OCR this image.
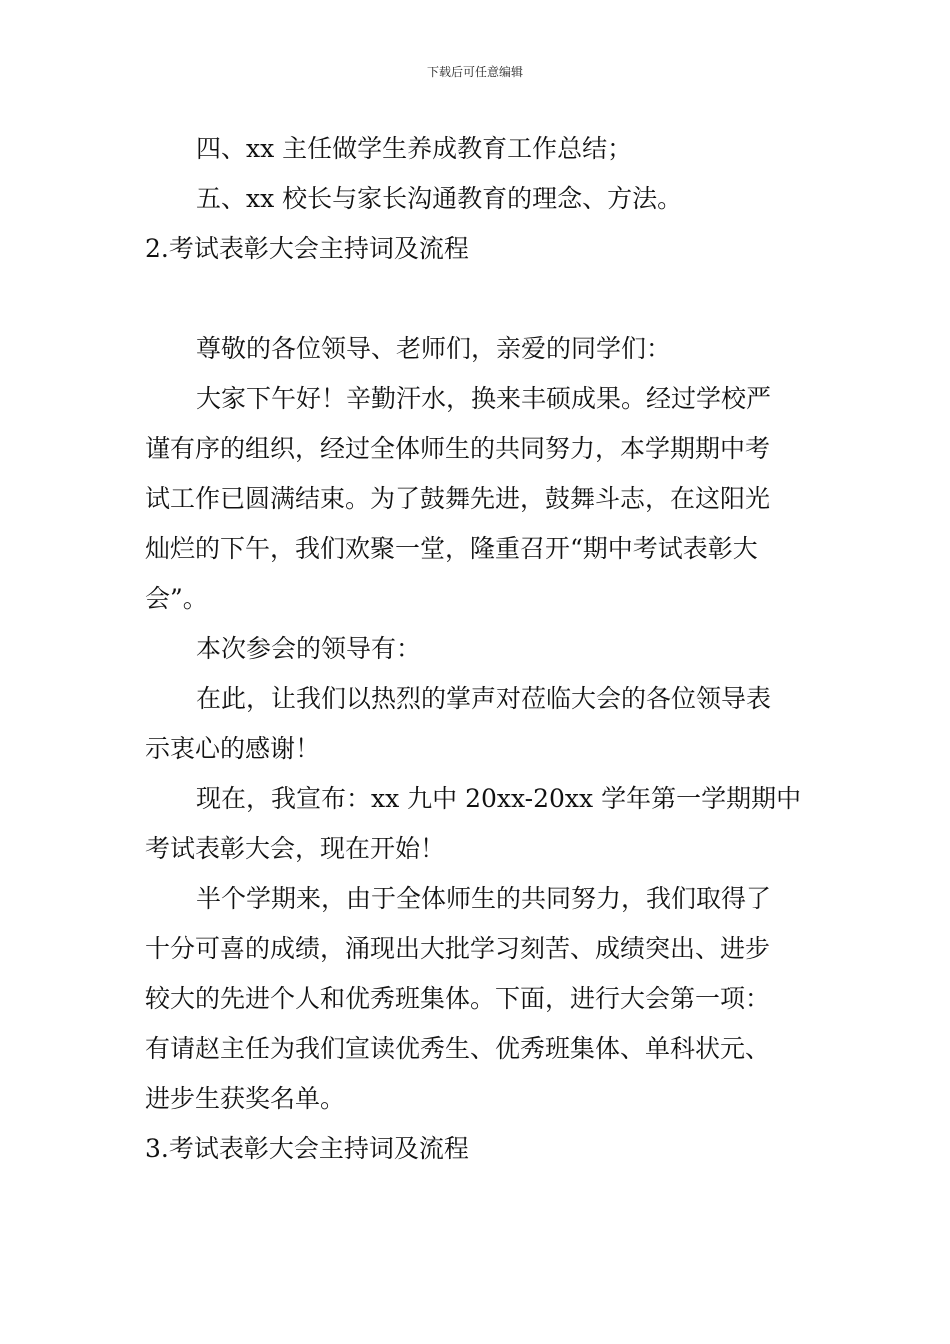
下载后可任意编辑
四、xx 主任做学生养成教育工作总结；
五、xx 校长与家长沟通教育的理念、方法。
2.考试表彰大会主持词及流程
尊敬的各位领导、老师们，亲爱的同学们：
大家下午好！辛勤汗水，换来丰硕成果。经过学校严
谨有序的组织，经过全体师生的共同努力，本学期期中考
试工作已圆满结束。为了鼓舞先进，鼓舞斗志，在这阳光
灿烂的下午，我们欢聚一堂，隆重召开“期中考试表彰大
会”。
本次参会的领导有：
在此，让我们以热烈的掌声对莅临大会的各位领导表
示衷心的感谢！
现在，我宣布：xx 九中 20xx-20xx 学年第一学期期中
考试表彰大会，现在开始！
半个学期来，由于全体师生的共同努力，我们取得了
十分可喜的成绩，涌现出大批学习刻苦、成绩突出、进步
较大的先进个人和优秀班集体。下面，进行大会第一项：
有请赵主任为我们宣读优秀生、优秀班集体、单科状元、
进步生获奖名单。
3.考试表彰大会主持词及流程
